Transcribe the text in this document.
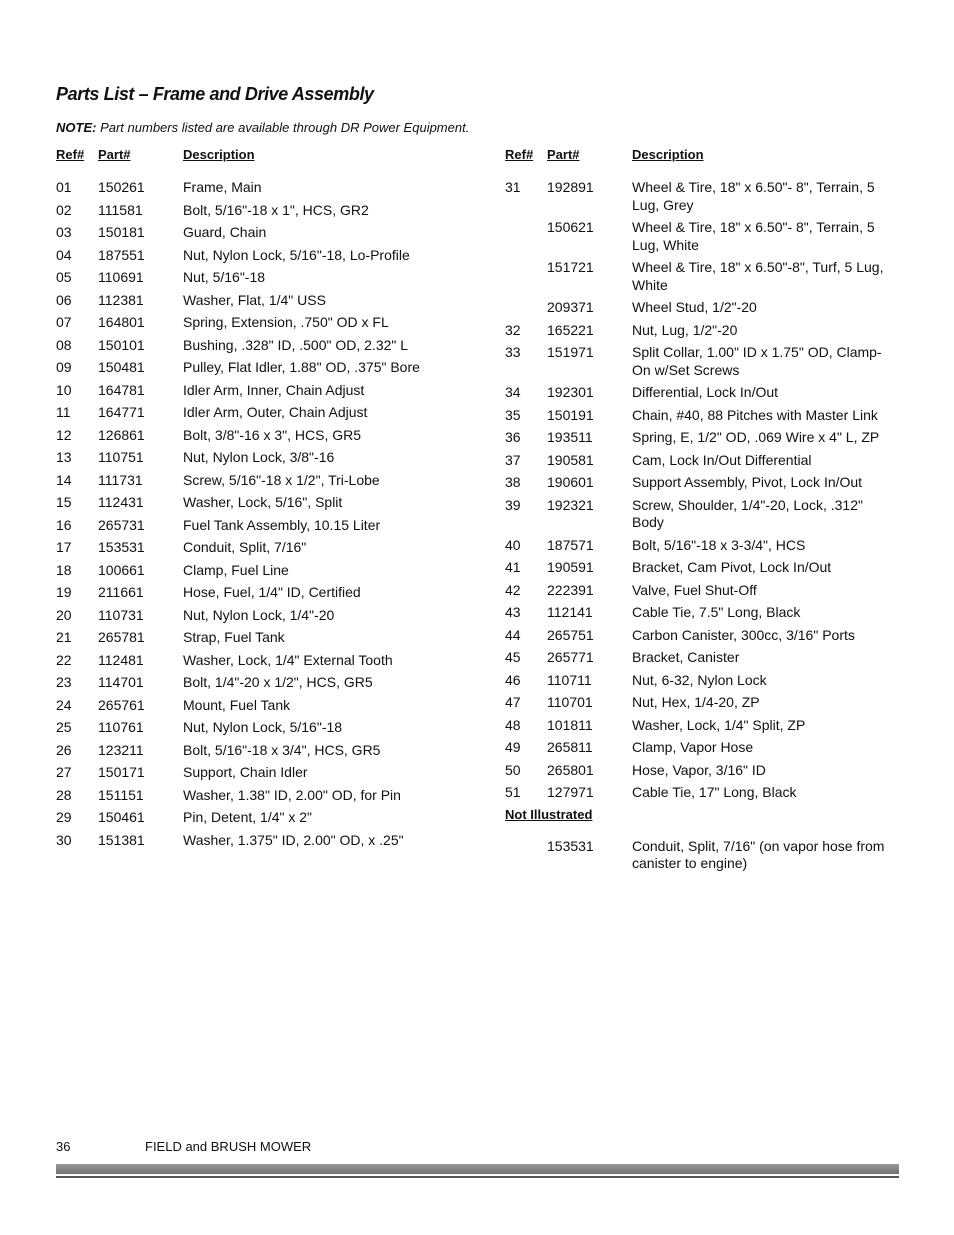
Parts List – Frame and Drive Assembly
NOTE: Part numbers listed are available through DR Power Equipment.
Ref# Part#	Description
01 150261	Frame, Main
02 111581	Bolt, 5/16"-18 x 1", HCS, GR2
03 150181	Guard, Chain
04 187551	Nut, Nylon Lock, 5/16"-18, Lo-Profile
05 110691	Nut, 5/16"-18
06 112381	Washer, Flat, 1/4" USS
07 164801	Spring, Extension, .750" OD x FL
08 150101	Bushing, .328" ID, .500" OD, 2.32" L
09 150481	Pulley, Flat Idler, 1.88" OD, .375" Bore
10 164781	Idler Arm, Inner, Chain Adjust
11 164771	Idler Arm, Outer, Chain Adjust
12 126861	Bolt, 3/8"-16 x 3", HCS, GR5
13 110751	Nut, Nylon Lock, 3/8"-16
14 111731	Screw, 5/16"-18 x 1/2", Tri-Lobe
15 112431	Washer, Lock, 5/16", Split
16 265731	Fuel Tank Assembly, 10.15 Liter
17 153531	Conduit, Split, 7/16"
18 100661	Clamp, Fuel Line
19 211661	Hose, Fuel, 1/4" ID, Certified
20 110731	Nut, Nylon Lock, 1/4"-20
21 265781	Strap, Fuel Tank
22 112481	Washer, Lock, 1/4" External Tooth
23 114701	Bolt, 1/4"-20 x 1/2", HCS, GR5
24 265761	Mount, Fuel Tank
25 110761	Nut, Nylon Lock, 5/16"-18
26 123211	Bolt, 5/16"-18 x 3/4", HCS, GR5
27 150171	Support, Chain Idler
28 151151	Washer, 1.38" ID, 2.00" OD, for Pin
29 150461	Pin, Detent, 1/4" x 2"
30 151381	Washer, 1.375" ID, 2.00" OD, x .25"
Ref# Part#	Description
31 192891	Wheel & Tire, 18" x 6.50"- 8", Terrain, 5 Lug, Grey
150621	Wheel & Tire, 18" x 6.50"- 8", Terrain, 5 Lug, White
151721	Wheel & Tire, 18" x 6.50"-8", Turf, 5 Lug, White
209371	Wheel Stud, 1/2"-20
32 165221	Nut, Lug, 1/2"-20
33 151971	Split Collar, 1.00" ID x 1.75" OD, Clamp-On w/Set Screws
34 192301	Differential, Lock In/Out
35 150191	Chain, #40, 88 Pitches with Master Link
36 193511	Spring, E, 1/2" OD, .069 Wire x 4" L, ZP
37 190581	Cam, Lock In/Out Differential
38 190601	Support Assembly, Pivot, Lock In/Out
39 192321	Screw, Shoulder, 1/4"-20, Lock, .312" Body
40 187571	Bolt, 5/16"-18 x 3-3/4", HCS
41 190591	Bracket, Cam Pivot, Lock In/Out
42 222391	Valve, Fuel Shut-Off
43 112141	Cable Tie, 7.5" Long, Black
44 265751	Carbon Canister, 300cc, 3/16" Ports
45 265771	Bracket, Canister
46 110711	Nut, 6-32, Nylon Lock
47 110701	Nut, Hex, 1/4-20, ZP
48 101811	Washer, Lock, 1/4" Split, ZP
49 265811	Clamp, Vapor Hose
50 265801	Hose, Vapor, 3/16" ID
51 127971	Cable Tie, 17" Long, Black
Not Illustrated
153531	Conduit, Split, 7/16" (on vapor hose from canister to engine)
36	FIELD and BRUSH MOWER
